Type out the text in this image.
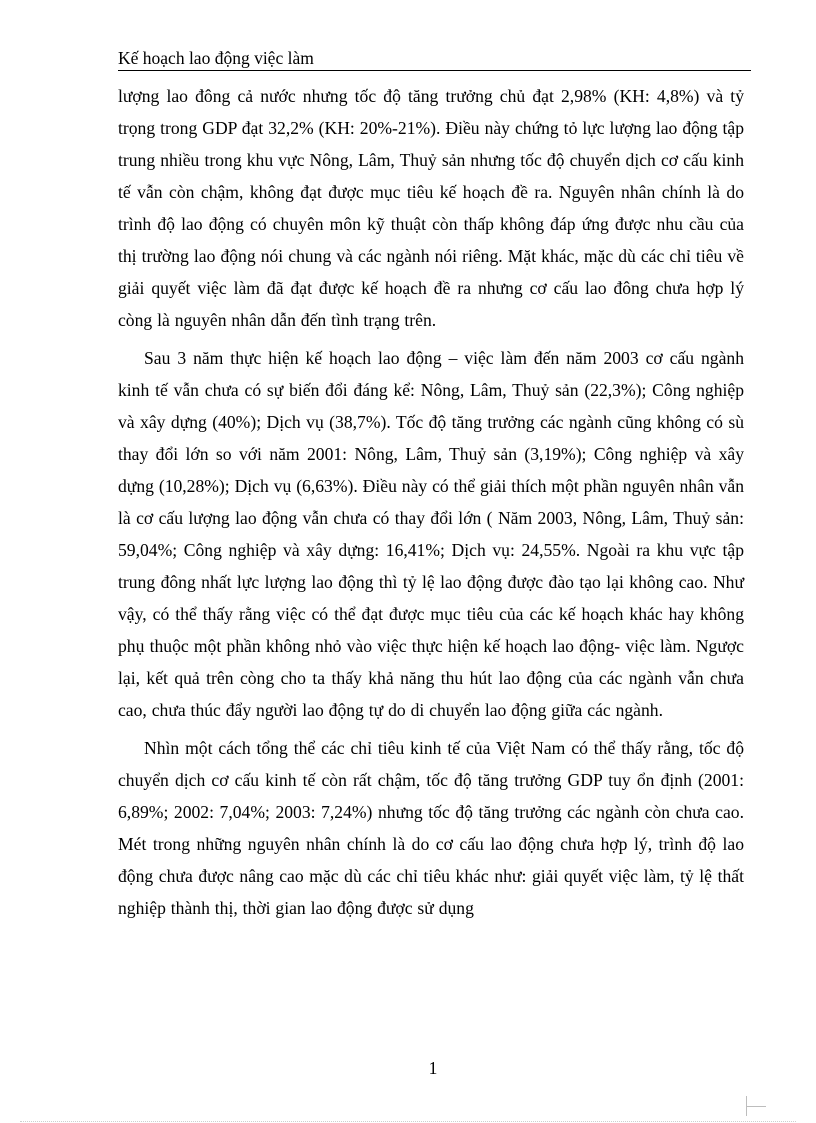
Kế hoạch lao động việc làm

lượng lao đông cả nước nhưng tốc độ tăng trưởng chủ đạt 2,98% (KH: 4,8%) và tỷ trọng trong GDP đạt 32,2% (KH: 20%-21%). Điều này chứng tỏ lực lượng lao động tập trung nhiều trong khu vực Nông, Lâm, Thuỷ sản nhưng tốc độ chuyển dịch cơ cấu kinh tế vẫn còn chậm, không đạt được mục tiêu kế hoạch đề ra. Nguyên nhân chính là do trình độ lao động có chuyên môn kỹ thuật còn thấp không đáp ứng được nhu cầu của thị trường lao động nói chung và các ngành nói riêng. Mặt khác, mặc dù các chỉ tiêu về giải quyết việc làm đã đạt được kế hoạch đề ra nhưng cơ cấu lao đông chưa hợp lý còng là nguyên nhân dẫn đến tình trạng trên.

Sau 3 năm thực hiện kế hoạch lao động – việc làm đến năm 2003 cơ cấu ngành kinh tế vẫn chưa có sự biến đổi đáng kể: Nông, Lâm, Thuỷ sản (22,3%); Công nghiệp và xây dựng (40%); Dịch vụ (38,7%). Tốc độ tăng trưởng các ngành cũng không có sù thay đổi lớn so với năm 2001: Nông, Lâm, Thuỷ sản (3,19%); Công nghiệp và xây dựng (10,28%); Dịch vụ (6,63%). Điều này có thể giải thích một phần nguyên nhân vẫn là cơ cấu lượng lao động vẫn chưa có thay đổi lớn ( Năm 2003, Nông, Lâm, Thuỷ sản: 59,04%; Công nghiệp và xây dựng: 16,41%; Dịch vụ: 24,55%. Ngoài ra khu vực tập trung đông nhất lực lượng lao động thì tỷ lệ lao động được đào tạo lại không cao. Như vậy, có thể thấy rằng việc có thể đạt được mục tiêu của các kế hoạch khác hay không phụ thuộc một phần không nhỏ vào việc thực hiện kế hoạch lao động- việc làm. Ngược lại, kết quả trên còng cho ta thấy khả năng thu hút lao động của các ngành vẫn chưa cao, chưa thúc đẩy người lao động tự do di chuyển lao động giữa các ngành.

Nhìn một cách tổng thể các chỉ tiêu kinh tế của Việt Nam có thể thấy rằng, tốc độ chuyển dịch cơ cấu kinh tế còn rất chậm, tốc độ tăng trưởng GDP tuy ổn định (2001: 6,89%; 2002: 7,04%; 2003: 7,24%) nhưng tốc độ tăng trưởng các ngành còn chưa cao. Mét trong những nguyên nhân chính là do cơ cấu lao động chưa hợp lý, trình độ lao động chưa được nâng cao mặc dù các chỉ tiêu khác như: giải quyết việc làm, tỷ lệ thất nghiệp thành thị, thời gian lao động được sử dụng

1
